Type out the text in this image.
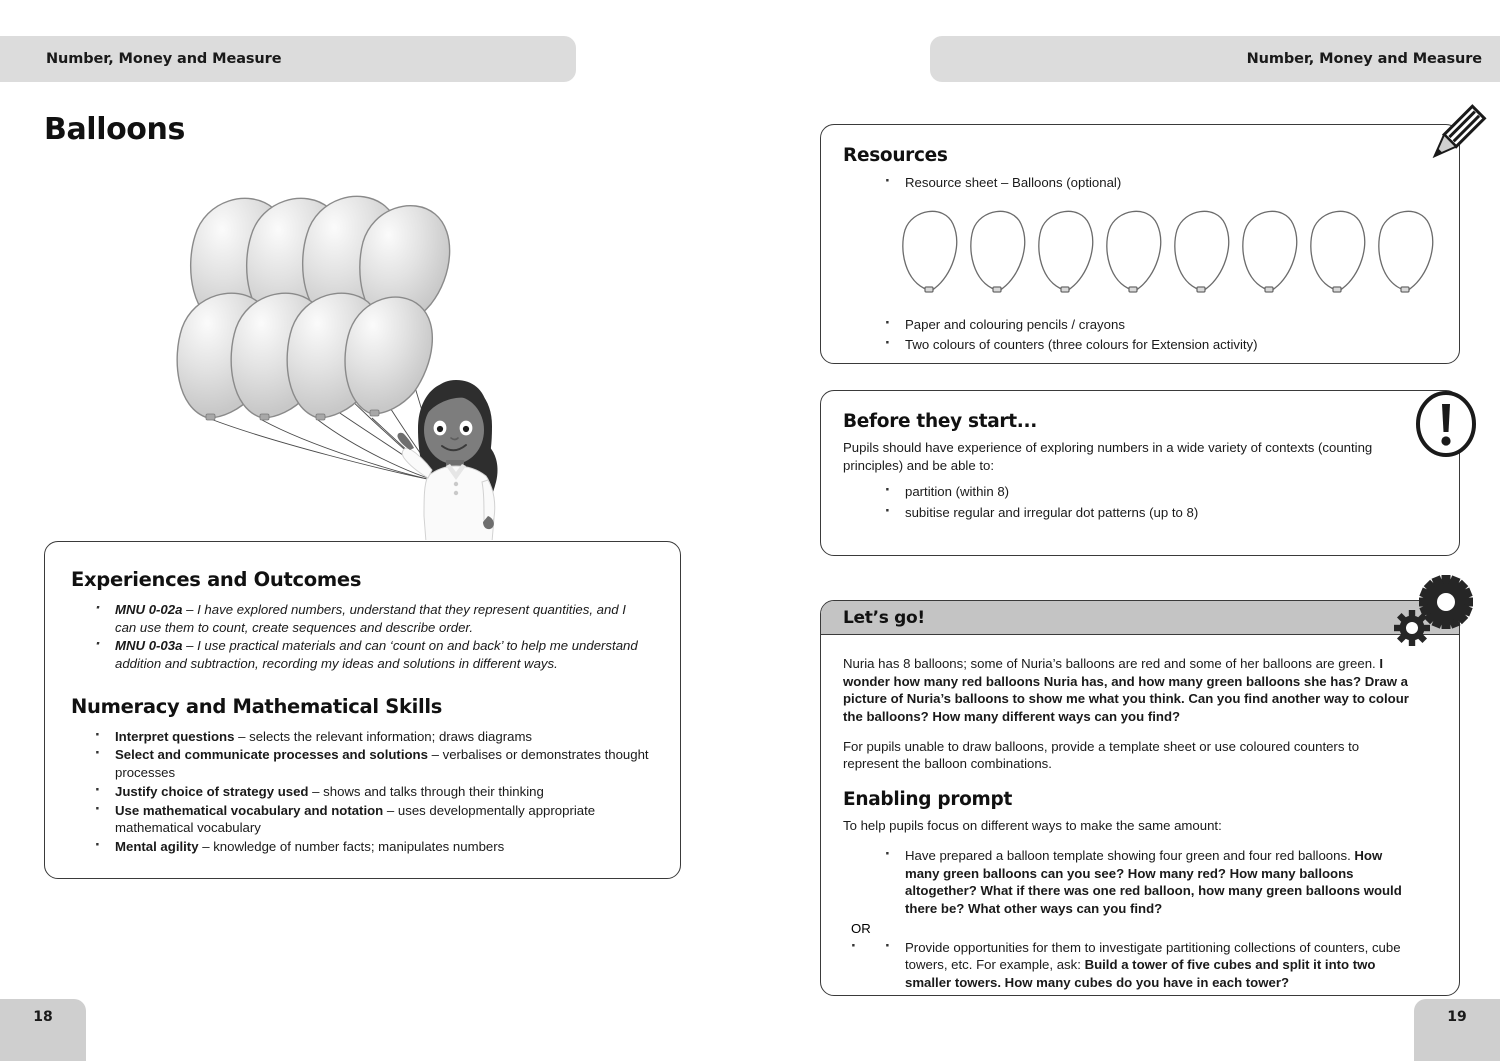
Number, Money and Measure	Number, Money and Measure
Balloons
Experiences and Outcomes
· MNU 0-02a – I have explored numbers, understand that they represent quantities, and I can use them to count, create sequences and describe order.
· MNU 0-03a – I use practical materials and can ‘count on and back’ to help me understand addition and subtraction, recording my ideas and solutions in different ways.
Numeracy and Mathematical Skills
· Interpret questions – selects the relevant information; draws diagrams
· Select and communicate processes and solutions – verbalises or demonstrates thought processes
· Justify choice of strategy used – shows and talks through their thinking
· Use mathematical vocabulary and notation – uses developmentally appropriate mathematical vocabulary
· Mental agility – knowledge of number facts; manipulates numbers
Resources
· Resource sheet – Balloons (optional)
· Paper and colouring pencils / crayons
· Two colours of counters (three colours for Extension activity)
Before they start...

Pupils should have experience of exploring numbers in a wide variety of contexts (counting principles) and be able to:

· partition (within 8)
· subitise regular and irregular dot patterns (up to 8)
Let’s go!

Nuria has 8 balloons; some of Nuria’s balloons are red and some of her balloons are green. I wonder how many red balloons Nuria has, and how many green balloons she has? Draw a picture of Nuria’s balloons to show me what you think. Can you find another way to colour the balloons? How many different ways can you find?

For pupils unable to draw balloons, provide a template sheet or use coloured counters to represent the balloon combinations.

Enabling prompt

To help pupils focus on different ways to make the same amount:

· Have prepared a balloon template showing four green and four red balloons. How many green balloons can you see? How many red? How many balloons altogether? What if there was one red balloon, how many green balloons would there be? What other ways can you find?
OR
· · Provide opportunities for them to investigate partitioning collections of counters, cube towers, etc. For example, ask: Build a tower of five cubes and split it into two smaller towers. How many cubes do you have in each tower?
18	19
